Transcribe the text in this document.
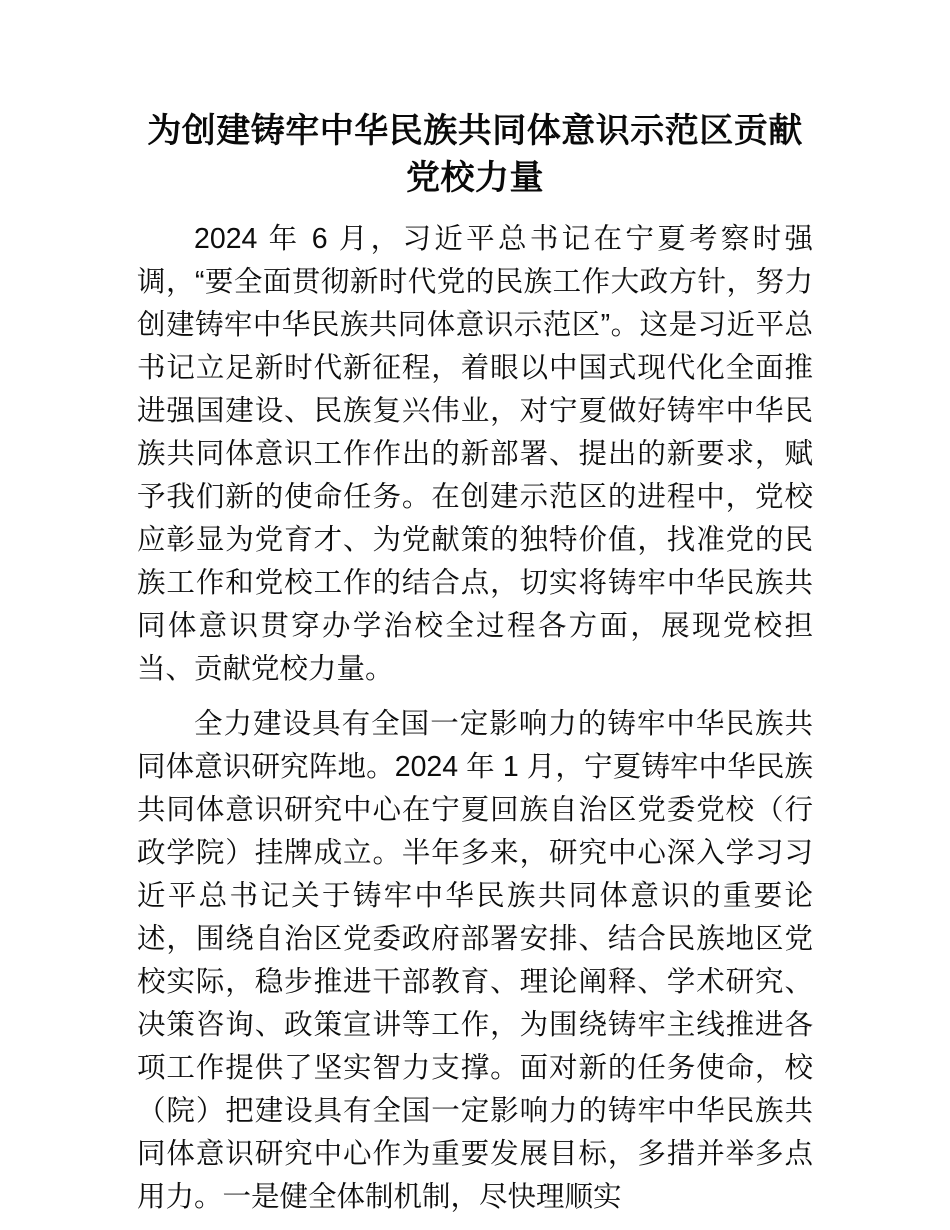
为创建铸牢中华民族共同体意识示范区贡献党校力量

2024 年 6 月，习近平总书记在宁夏考察时强调，“要全面贯彻新时代党的民族工作大政方针，努力创建铸牢中华民族共同体意识示范区”。这是习近平总书记立足新时代新征程，着眼以中国式现代化全面推进强国建设、民族复兴伟业，对宁夏做好铸牢中华民族共同体意识工作作出的新部署、提出的新要求，赋予我们新的使命任务。在创建示范区的进程中，党校应彰显为党育才、为党献策的独特价值，找准党的民族工作和党校工作的结合点，切实将铸牢中华民族共同体意识贯穿办学治校全过程各方面，展现党校担当、贡献党校力量。

全力建设具有全国一定影响力的铸牢中华民族共同体意识研究阵地。2024 年 1 月，宁夏铸牢中华民族共同体意识研究中心在宁夏回族自治区党委党校（行政学院）挂牌成立。半年多来，研究中心深入学习习近平总书记关于铸牢中华民族共同体意识的重要论述，围绕自治区党委政府部署安排、结合民族地区党校实际，稳步推进干部教育、理论阐释、学术研究、决策咨询、政策宣讲等工作，为围绕铸牢主线推进各项工作提供了坚实智力支撑。面对新的任务使命，校（院）把建设具有全国一定影响力的铸牢中华民族共同体意识研究中心作为重要发展目标，多措并举多点用力。一是健全体制机制，尽快理顺实
